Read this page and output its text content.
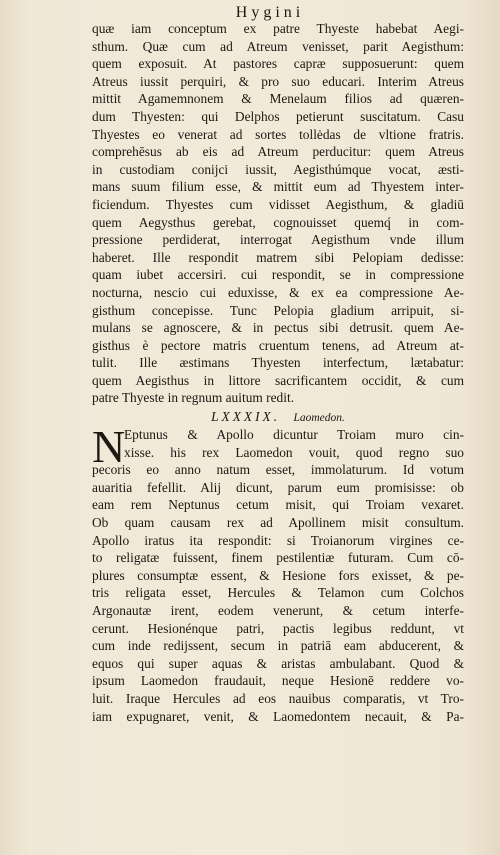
Hygini
quæ iam conceptum ex patre Thyeste habebat Aegi-
sthum. Quæ cum ad Atreum venisset, parit Aegisthum:
quem exposuit. At pastores capræ supposuerunt: quem
Atreus iussit perquiri, & pro suo educari. Interim Atreus
mittit Agamemnonem & Menelaum filios ad quæren-
dum Thyesten: qui Delphos petierunt suscitatum. Casu
Thyestes eo venerat ad sortes tollėdas de vltione fratris.
comprehēsus ab eis ad Atreum perducitur: quem Atreus
in custodiam conijci iussit, Aegisthúmque vocat, æsti-
mans suum filium esse, & mittit eum ad Thyestem inter-
ficiendum. Thyestes cum vidisset Aegisthum, & gladiū
quem Aegysthus gerebat, cognouisset quemq́ in com-
pressione perdiderat, interrogat Aegisthum vnde illum
haberet. Ille respondit matrem sibi Pelopiam dedisse:
quam iubet accersiri. cui respondit, se in compressione
nocturna, nescio cui eduxisse, & ex ea compressione Ae-
gisthum concepisse. Tunc Pelopia gladium arripuit, si-
mulans se agnoscere, & in pectus sibi detrusit. quem Ae-
gisthus è pectore matris cruentum tenens, ad Atreum at-
tulit. Ille æstimans Thyesten interfectum, lætabatur:
quem Aegisthus in littore sacrificantem occidit, & cum
patre Thyeste in regnum auitum redit.
LXXXIX. Laomedon.
N
Eptunus & Apollo dicuntur Troiam muro cin-
xisse. his rex Laomedon vouit, quod regno suo
pecoris eo anno natum esset, immolaturum. Id votum
auaritia fefellit. Alij dicunt, parum eum promisisse: ob
eam rem Neptunus cetum misit, qui Troiam vexaret.
Ob quam causam rex ad Apollinem misit consultum.
Apollo iratus ita respondit: si Troianorum virgines ce-
to religatæ fuissent, finem pestilentiæ futuram. Cum cō-
plures consumptæ essent, & Hesione fors exisset, & pe-
tris religata esset, Hercules & Telamon cum Colchos
Argonautæ irent, eodem venerunt, & cetum interfe-
cerunt. Hesionénque patri, pactis legibus reddunt, vt
cum inde redijssent, secum in patriā eam abducerent, &
equos qui super aquas & aristas ambulabant. Quod &
ipsum Laomedon fraudauit, neque Hesionē reddere vo-
luit. Iraque Hercules ad eos nauibus comparatis, vt Tro-
iam expugnaret, venit, & Laomedontem necauit, & Pa-
